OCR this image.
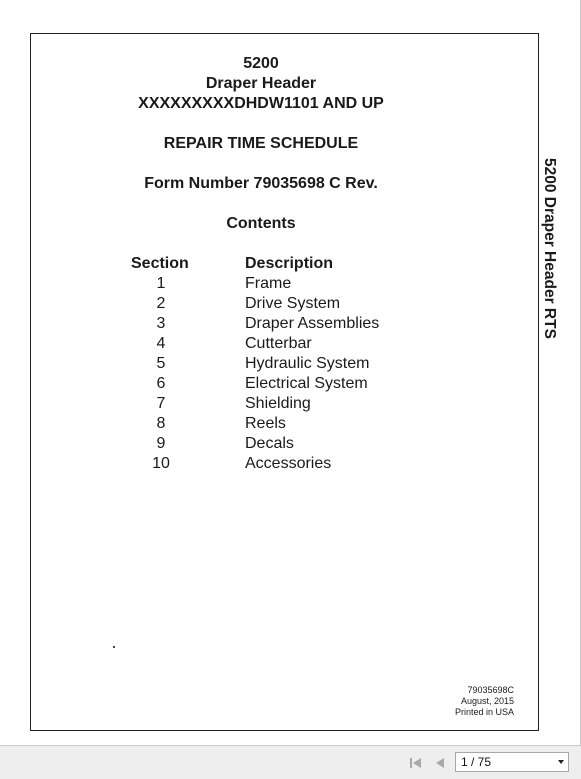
5200
Draper Header
XXXXXXXXXDHDW1101 AND UP
REPAIR TIME SCHEDULE
Form Number 79035698 C Rev.
Contents
Section	Description
1	Frame
2	Drive System
3	Draper Assemblies
4	Cutterbar
5	Hydraulic System
6	Electrical System
7	Shielding
8	Reels
9	Decals
10	Accessories
5200 Draper Header RTS
79035698C
August, 2015
Printed in USA
1 / 75
